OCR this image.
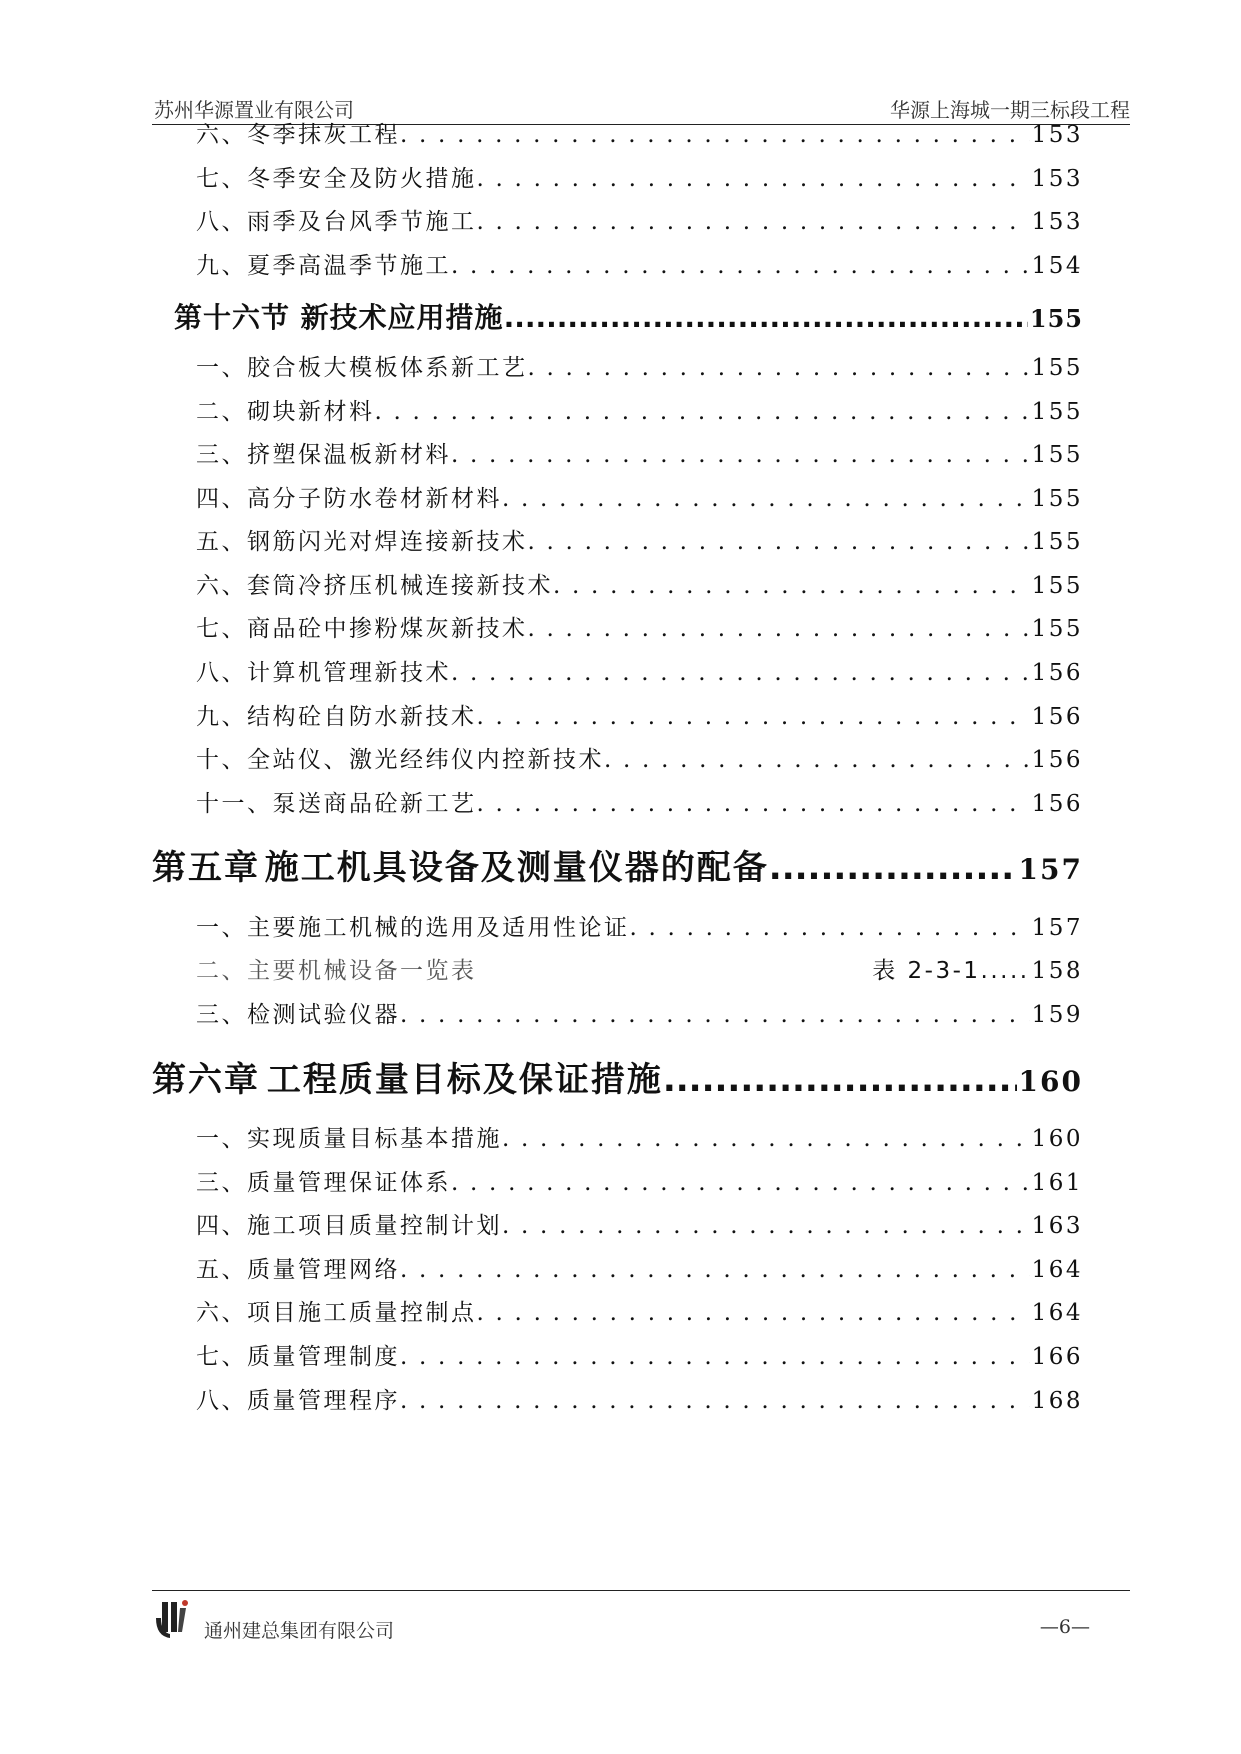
苏州华源置业有限公司	华源上海城一期三标段工程
六、冬季抹灰工程 . . .	153
七、冬季安全及防火措施 . . .	153
八、雨季及台风季节施工 . . .	153
九、夏季高温季节施工 . . .	154
第十六节 新技术应用措施 .....	155
一、胶合板大模板体系新工艺 . . .	155
二、砌块新材料 . . .	155
三、挤塑保温板新材料 . . .	155
四、高分子防水卷材新材料 . . .	155
五、钢筋闪光对焊连接新技术 . . .	155
六、套筒冷挤压机械连接新技术 . . .	155
七、商品砼中掺粉煤灰新技术 . . .	155
八、计算机管理新技术 . . .	156
九、结构砼自防水新技术 . . .	156
十、全站仪、激光经纬仪内控新技术 . . .	156
十一、泵送商品砼新工艺 . . .	156
第五章 施工机具设备及测量仪器的配备 .....	157
一、主要施工机械的选用及适用性论证 . . .	157
二、主要机械设备一览表	表 2-3-1 ..... 158
三、检测试验仪器 . . .	159
第六章 工程质量目标及保证措施 .....	160
一、实现质量目标基本措施 . . .	160
三、质量管理保证体系 . . .	161
四、施工项目质量控制计划 . . .	163
五、质量管理网络 . . .	164
六、项目施工质量控制点 . . .	164
七、质量管理制度 . . .	166
八、质量管理程序 . . .	168
通州建总集团有限公司	—6—
